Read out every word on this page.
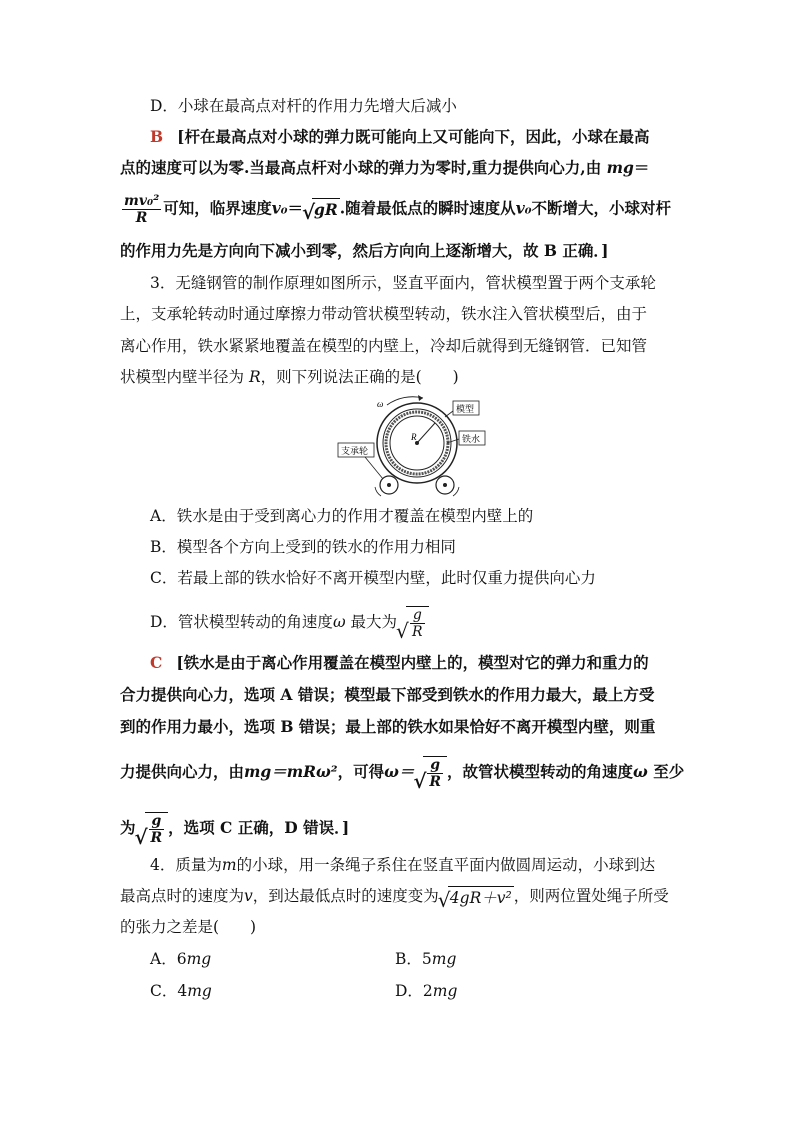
D．小球在最高点对杆的作用力先增大后减小
B [杆在最高点对小球的弹力既可能向上又可能向下，因此，小球在最高
点的速度可以为零.当最高点杆对小球的弹力为零时,重力提供向心力,由 mg＝
$\frac{\text{mv₀²}}{R}$ 可知，临界速度v₀＝ √ gR .随着最低点的瞬时速度从v₀不断增大，小球对杆
的作用力先是方向向下减小到零，然后方向向上逐渐增大，故 B 正确．]
3．无缝钢管的制作原理如图所示，竖直平面内，管状模型置于两个支承轮
上，支承轮转动时通过摩擦力带动管状模型转动，铁水注入管状模型后，由于
离心作用，铁水紧紧地覆盖在模型的内壁上，冷却后就得到无缝钢管．已知管
状模型内壁半径为 R，则下列说法正确的是(　　)
R
ω
模型
铁水
支承轮
A．铁水是由于受到离心力的作用才覆盖在模型内壁上的
B．模型各个方向上受到的铁水的作用力相同
C．若最上部的铁水恰好不离开模型内壁，此时仅重力提供向心力
D．管状模型转动的角速度ω 最大为 √ $\frac{g}{R}$
C [铁水是由于离心作用覆盖在模型内壁上的，模型对它的弹力和重力的
合力提供向心力，选项 A 错误；模型最下部受到铁水的作用力最大，最上方受
到的作用力最小，选项 B 错误；最上部的铁水如果恰好不离开模型内壁，则重
力提供向心力，由mg＝mRω²，可得ω＝ √ $\frac{g}{R}$ ，故管状模型转动的角速度ω 至少
为 √ $\frac{g}{R}$ ，选项 C 正确，D 错误．]
4．质量为m的小球，用一条绳子系住在竖直平面内做圆周运动，小球到达
最高点时的速度为v，到达最低点时的速度变为 √ 4gR＋v² ，则两位置处绳子所受
的张力之差是(　　)
A．6mg	B．5mg
C．4mg	D．2mg
